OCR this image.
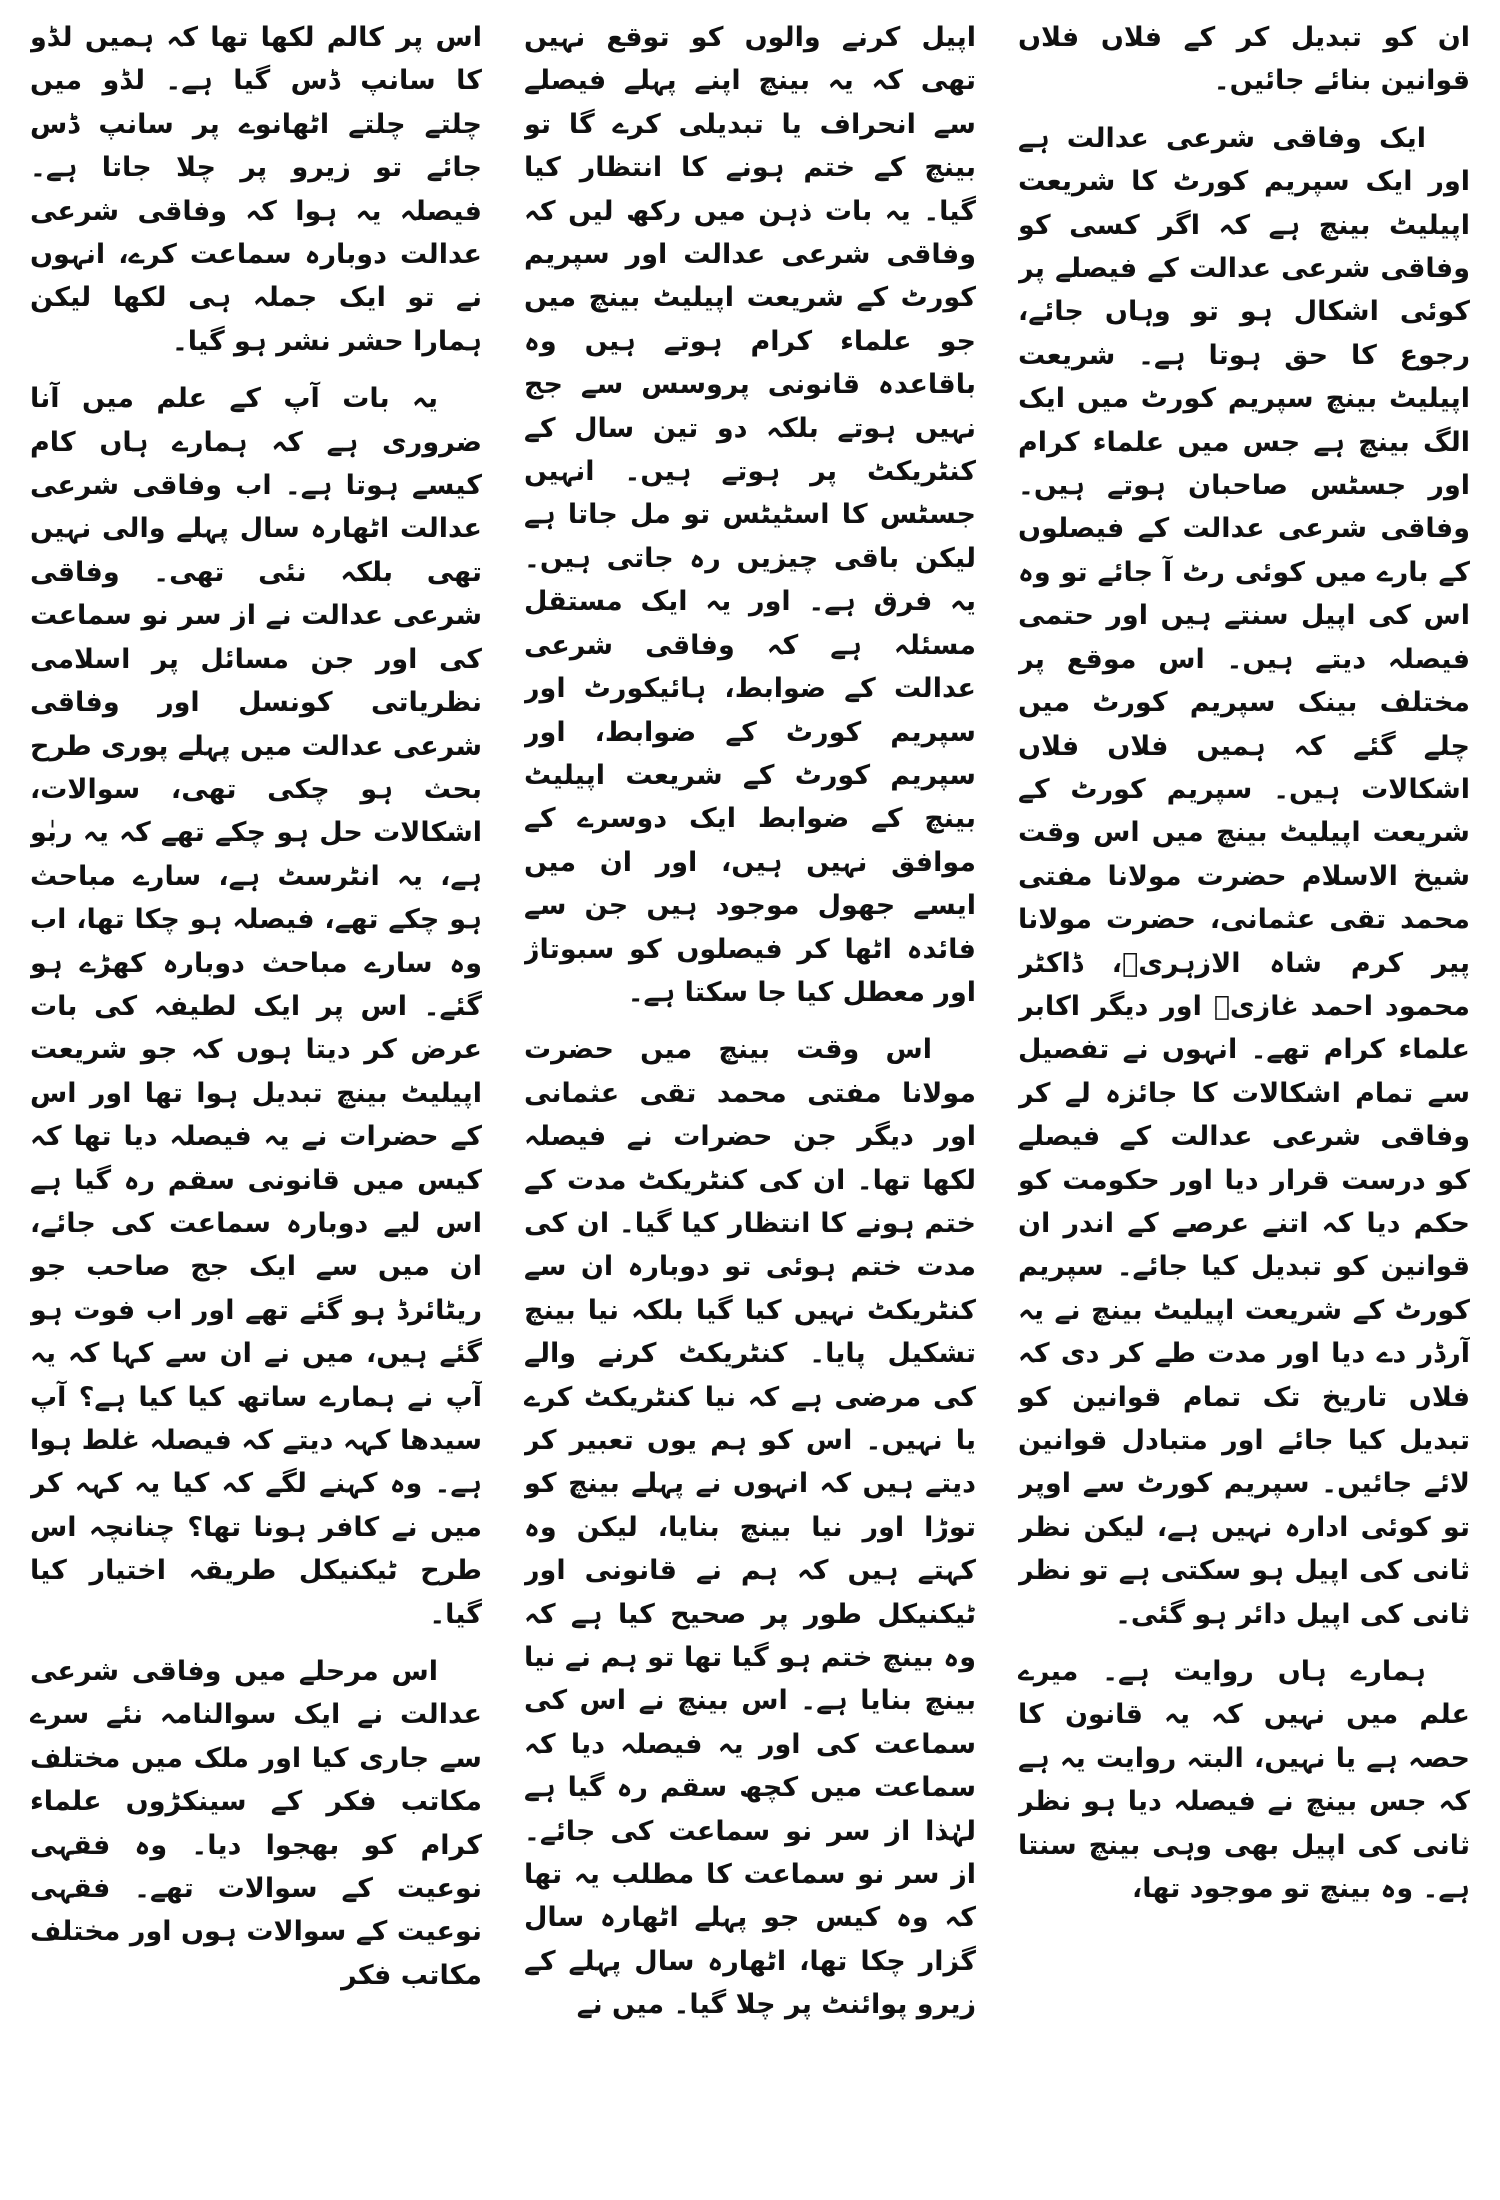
ان کو تبدیل کر کے فلاں فلاں قوانین بنائے جائیں۔

ایک وفاقی شرعی عدالت ہے اور ایک سپریم کورٹ کا شریعت اپیلیٹ بینچ ہے کہ اگر کسی کو وفاقی شرعی عدالت کے فیصلے پر کوئی اشکال ہو تو وہاں جائے، رجوع کا حق ہوتا ہے۔ شریعت اپیلیٹ بینچ سپریم کورٹ میں ایک الگ بینچ ہے جس میں علماء کرام اور جسٹس صاحبان ہوتے ہیں۔ وفاقی شرعی عدالت کے فیصلوں کے بارے میں کوئی رٹ آ جائے تو وہ اس کی اپیل سنتے ہیں اور حتمی فیصلہ دیتے ہیں۔ اس موقع پر مختلف بینک سپریم کورٹ میں چلے گئے کہ ہمیں فلاں فلاں اشکالات ہیں۔ سپریم کورٹ کے شریعت اپیلیٹ بینچ میں اس وقت شیخ الاسلام حضرت مولانا مفتی محمد تقی عثمانی، حضرت مولانا پیر کرم شاہ الازہریؒ، ڈاکٹر محمود احمد غازیؒ اور دیگر اکابر علماء کرام تھے۔ انہوں نے تفصیل سے تمام اشکالات کا جائزہ لے کر وفاقی شرعی عدالت کے فیصلے کو درست قرار دیا اور حکومت کو حکم دیا کہ اتنے عرصے کے اندر ان قوانین کو تبدیل کیا جائے۔ سپریم کورٹ کے شریعت اپیلیٹ بینچ نے یہ آرڈر دے دیا اور مدت طے کر دی کہ فلاں تاریخ تک تمام قوانین کو تبدیل کیا جائے اور متبادل قوانین لائے جائیں۔ سپریم کورٹ سے اوپر تو کوئی ادارہ نہیں ہے، لیکن نظر ثانی کی اپیل ہو سکتی ہے تو نظر ثانی کی اپیل دائر ہو گئی۔

ہمارے ہاں روایت ہے۔ میرے علم میں نہیں کہ یہ قانون کا حصہ ہے یا نہیں، البتہ روایت یہ ہے کہ جس بینچ نے فیصلہ دیا ہو نظر ثانی کی اپیل بھی وہی بینچ سنتا ہے۔ وہ بینچ تو موجود تھا،

اپیل کرنے والوں کو توقع نہیں تھی کہ یہ بینچ اپنے پہلے فیصلے سے انحراف یا تبدیلی کرے گا تو بینچ کے ختم ہونے کا انتظار کیا گیا۔ یہ بات ذہن میں رکھ لیں کہ وفاقی شرعی عدالت اور سپریم کورٹ کے شریعت اپیلیٹ بینچ میں جو علماء کرام ہوتے ہیں وہ باقاعدہ قانونی پروسس سے جج نہیں ہوتے بلکہ دو تین سال کے کنٹریکٹ پر ہوتے ہیں۔ انہیں جسٹس کا اسٹیٹس تو مل جاتا ہے لیکن باقی چیزیں رہ جاتی ہیں۔ یہ فرق ہے۔ اور یہ ایک مستقل مسئلہ ہے کہ وفاقی شرعی عدالت کے ضوابط، ہائیکورٹ اور سپریم کورٹ کے ضوابط، اور سپریم کورٹ کے شریعت اپیلیٹ بینچ کے ضوابط ایک دوسرے کے موافق نہیں ہیں، اور ان میں ایسے جھول موجود ہیں جن سے فائدہ اٹھا کر فیصلوں کو سبوتاژ اور معطل کیا جا سکتا ہے۔

اس وقت بینچ میں حضرت مولانا مفتی محمد تقی عثمانی اور دیگر جن حضرات نے فیصلہ لکھا تھا۔ ان کی کنٹریکٹ مدت کے ختم ہونے کا انتظار کیا گیا۔ ان کی مدت ختم ہوئی تو دوبارہ ان سے کنٹریکٹ نہیں کیا گیا بلکہ نیا بینچ تشکیل پایا۔ کنٹریکٹ کرنے والے کی مرضی ہے کہ نیا کنٹریکٹ کرے یا نہیں۔ اس کو ہم یوں تعبیر کر دیتے ہیں کہ انہوں نے پہلے بینچ کو توڑا اور نیا بینچ بنایا، لیکن وہ کہتے ہیں کہ ہم نے قانونی اور ٹیکنیکل طور پر صحیح کیا ہے کہ وہ بینچ ختم ہو گیا تھا تو ہم نے نیا بینچ بنایا ہے۔ اس بینچ نے اس کی سماعت کی اور یہ فیصلہ دیا کہ سماعت میں کچھ سقم رہ گیا ہے لہٰذا از سر نو سماعت کی جائے۔ از سر نو سماعت کا مطلب یہ تھا کہ وہ کیس جو پہلے اٹھارہ سال گزار چکا تھا، اٹھارہ سال پہلے کے زیرو پوائنٹ پر چلا گیا۔ میں نے

اس پر کالم لکھا تھا کہ ہمیں لڈو کا سانپ ڈس گیا ہے۔ لڈو میں چلتے چلتے اٹھانوے پر سانپ ڈس جائے تو زیرو پر چلا جاتا ہے۔ فیصلہ یہ ہوا کہ وفاقی شرعی عدالت دوبارہ سماعت کرے، انہوں نے تو ایک جملہ ہی لکھا لیکن ہمارا حشر نشر ہو گیا۔

یہ بات آپ کے علم میں آنا ضروری ہے کہ ہمارے ہاں کام کیسے ہوتا ہے۔ اب وفاقی شرعی عدالت اٹھارہ سال پہلے والی نہیں تھی بلکہ نئی تھی۔ وفاقی شرعی عدالت نے از سر نو سماعت کی اور جن مسائل پر اسلامی نظریاتی کونسل اور وفاقی شرعی عدالت میں پہلے پوری طرح بحث ہو چکی تھی، سوالات، اشکالات حل ہو چکے تھے کہ یہ ربٰو ہے، یہ انٹرسٹ ہے، سارے مباحث ہو چکے تھے، فیصلہ ہو چکا تھا، اب وہ سارے مباحث دوبارہ کھڑے ہو گئے۔ اس پر ایک لطیفہ کی بات عرض کر دیتا ہوں کہ جو شریعت اپیلیٹ بینچ تبدیل ہوا تھا اور اس کے حضرات نے یہ فیصلہ دیا تھا کہ کیس میں قانونی سقم رہ گیا ہے اس لیے دوبارہ سماعت کی جائے، ان میں سے ایک جج صاحب جو ریٹائرڈ ہو گئے تھے اور اب فوت ہو گئے ہیں، میں نے ان سے کہا کہ یہ آپ نے ہمارے ساتھ کیا کیا ہے؟ آپ سیدھا کہہ دیتے کہ فیصلہ غلط ہوا ہے۔ وہ کہنے لگے کہ کیا یہ کہہ کر میں نے کافر ہونا تھا؟ چنانچہ اس طرح ٹیکنیکل طریقہ اختیار کیا گیا۔

اس مرحلے میں وفاقی شرعی عدالت نے ایک سوالنامہ نئے سرے سے جاری کیا اور ملک میں مختلف مکاتب فکر کے سینکڑوں علماء کرام کو بھجوا دیا۔ وہ فقہی نوعیت کے سوالات تھے۔ فقہی نوعیت کے سوالات ہوں اور مختلف مکاتب فکر
